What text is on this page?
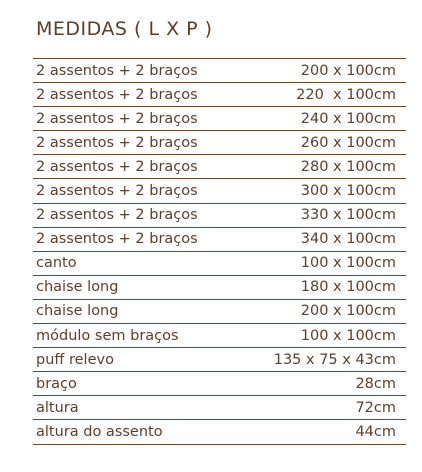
MEDIDAS ( L X P )
2 assentos + 2 braços	200 x 100cm
2 assentos + 2 braços	220  x 100cm
2 assentos + 2 braços	240 x 100cm
2 assentos + 2 braços	260 x 100cm
2 assentos + 2 braços	280 x 100cm
2 assentos + 2 braços	300 x 100cm
2 assentos + 2 braços	330 x 100cm
2 assentos + 2 braços	340 x 100cm
canto	100 x 100cm
chaise long	180 x 100cm
chaise long	200 x 100cm
módulo sem braços	100 x 100cm
puff relevo	135 x 75 x 43cm
braço	28cm
altura	72cm
altura do assento	44cm
